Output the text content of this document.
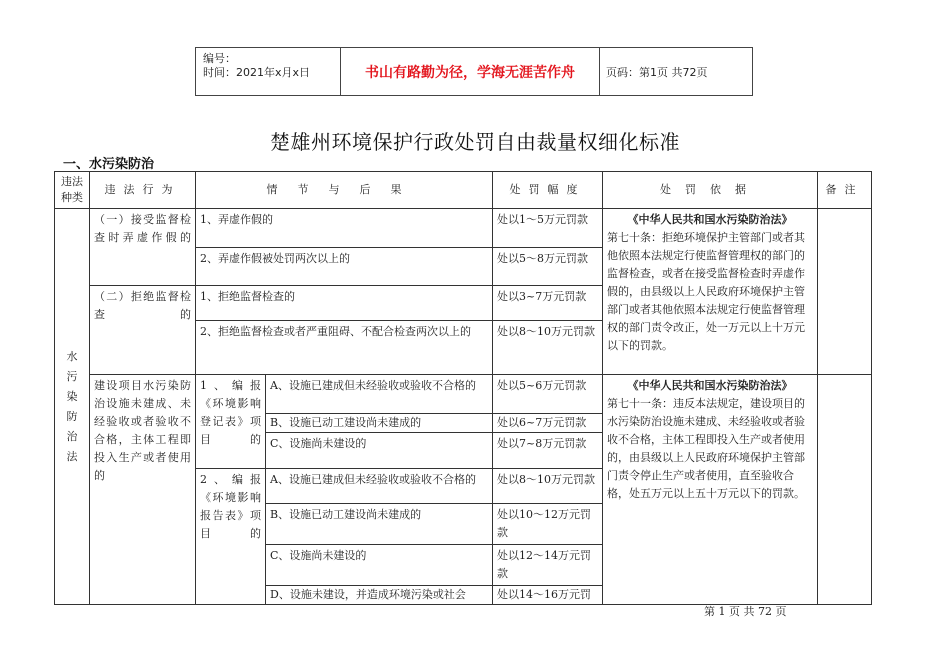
编号：
时间：2021年x月x日	书山有路勤为径，学海无涯苦作舟	页码：第1页 共72页
楚雄州环境保护行政处罚自由裁量权细化标准
一、水污染防治
违法种类	违法行为	情节与后果		处罚幅度	处罚依据	备注

水污染防治法	（一）接受监督检查时弄虚作假的	1、弄虚作假的		处以1～5万元罚款	《中华人民共和国水污染防治法》
第七十条：拒绝环境保护主管部门或者其他依照本法规定行使监督管理权的部门的监督检查，或者在接受监督检查时弄虚作假的，由县级以上人民政府环境保护主管部门或者其他依照本法规定行使监督管理权的部门责令改正，处一万元以上十万元以下的罚款。	
		2、弄虚作假被处罚两次以上的		处以5～8万元罚款		
	（二）拒绝监督检查的	1、拒绝监督检查的		处以3~7万元罚款		
		2、拒绝监督检查或者严重阻碍、不配合检查两次以上的		处以8～10万元罚款		
	建设项目水污染防治设施未建成、未经验收或者验收不合格，主体工程即投入生产或者使用的	1、编报《环境影响登记表》项目的	A、设施已建成但未经验收或验收不合格的	处以5~6万元罚款	《中华人民共和国水污染防治法》
第七十一条：违反本法规定，建设项目的水污染防治设施未建成、未经验收或者验收不合格，主体工程即投入生产或者使用的，由县级以上人民政府环境保护主管部门责令停止生产或者使用，直至验收合格，处五万元以上五十万元以下的罚款。	
			B、设施已动工建设尚未建成的	处以6~7万元罚款		
			C、设施尚未建设的	处以7~8万元罚款		
		2、编报《环境影响报告表》项目的	A、设施已建成但未经验收或验收不合格的	处以8～10万元罚款		
			B、设施已动工建设尚未建成的	处以10～12万元罚款		
			C、设施尚未建设的	处以12～14万元罚款		
			D、设施未建设，并造成环境污染或社会	处以14～16万元罚		
第 1 页 共 72 页
